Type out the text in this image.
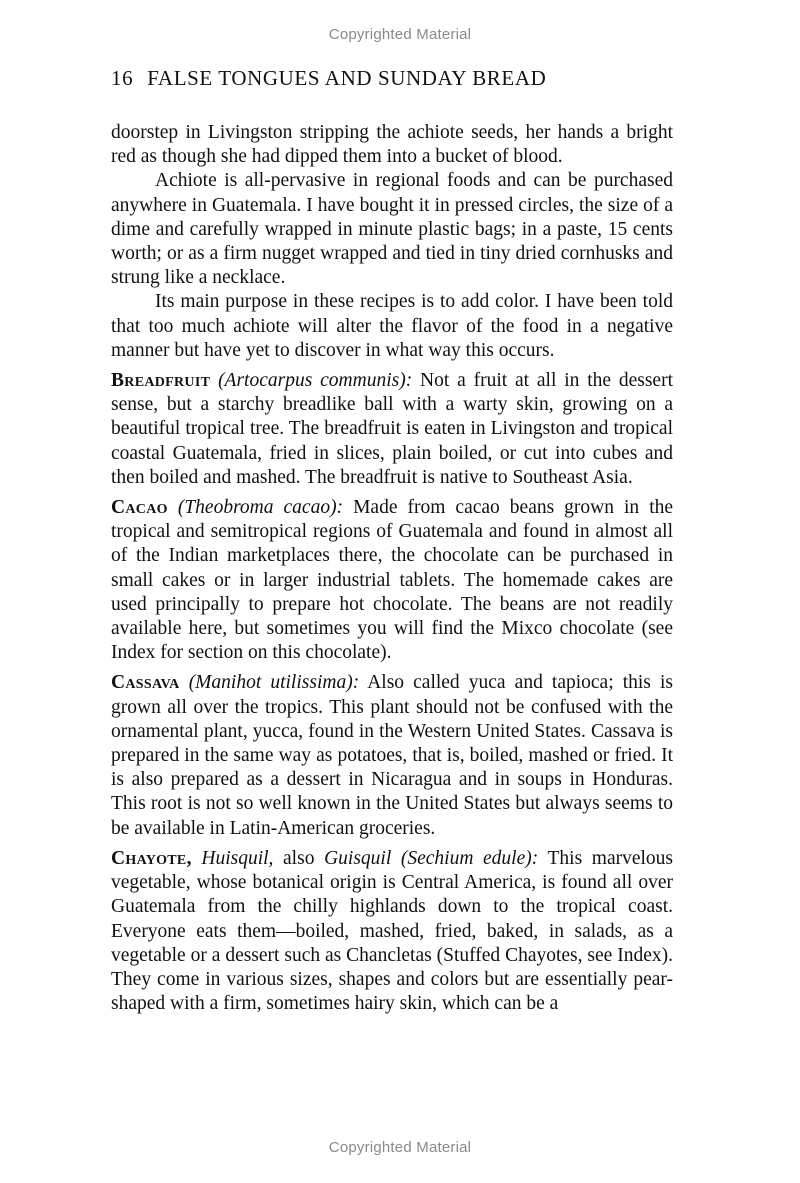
Copyrighted Material
16 FALSE TONGUES AND SUNDAY BREAD

doorstep in Livingston stripping the achiote seeds, her hands a bright red as though she had dipped them into a bucket of blood.

Achiote is all-pervasive in regional foods and can be purchased anywhere in Guatemala. I have bought it in pressed circles, the size of a dime and carefully wrapped in minute plastic bags; in a paste, 15 cents worth; or as a firm nugget wrapped and tied in tiny dried cornhusks and strung like a necklace.

Its main purpose in these recipes is to add color. I have been told that too much achiote will alter the flavor of the food in a negative manner but have yet to discover in what way this occurs.

Breadfruit (Artocarpus communis): Not a fruit at all in the dessert sense, but a starchy breadlike ball with a warty skin, growing on a beautiful tropical tree. The breadfruit is eaten in Livingston and tropical coastal Guatemala, fried in slices, plain boiled, or cut into cubes and then boiled and mashed. The breadfruit is native to Southeast Asia.

Cacao (Theobroma cacao): Made from cacao beans grown in the tropical and semitropical regions of Guatemala and found in almost all of the Indian marketplaces there, the chocolate can be purchased in small cakes or in larger industrial tablets. The homemade cakes are used principally to prepare hot chocolate. The beans are not readily available here, but sometimes you will find the Mixco chocolate (see Index for section on this chocolate).

Cassava (Manihot utilissima): Also called yuca and tapioca; this is grown all over the tropics. This plant should not be confused with the ornamental plant, yucca, found in the Western United States. Cassava is prepared in the same way as potatoes, that is, boiled, mashed or fried. It is also prepared as a dessert in Nicaragua and in soups in Honduras. This root is not so well known in the United States but always seems to be available in Latin-American groceries.

Chayote, Huisquil, also Guisquil (Sechium edule): This marvelous vegetable, whose botanical origin is Central America, is found all over Guatemala from the chilly highlands down to the tropical coast. Everyone eats them—boiled, mashed, fried, baked, in salads, as a vegetable or a dessert such as Chancletas (Stuffed Chayotes, see Index). They come in various sizes, shapes and colors but are essentially pear-shaped with a firm, sometimes hairy skin, which can be a

Copyrighted Material
